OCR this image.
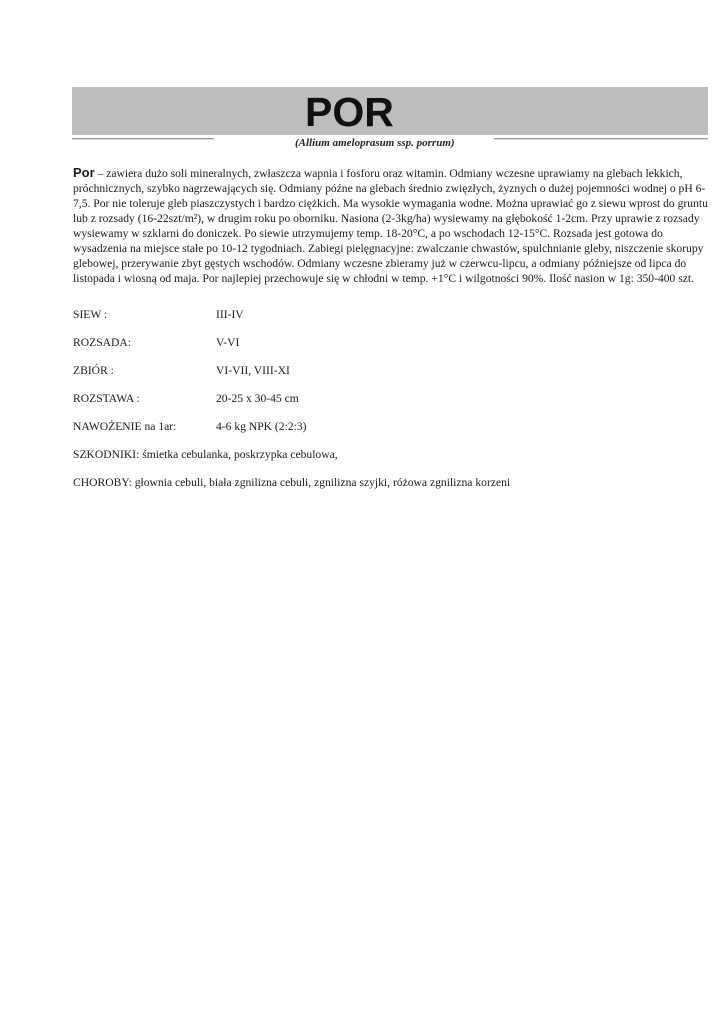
POR
(Allium ameloprasum ssp. porrum)

Por – zawiera dużo soli mineralnych, zwłaszcza wapnia i fosforu oraz witamin. Odmiany wczesne uprawiamy na glebach lekkich, próchnicznych, szybko nagrzewających się. Odmiany późne na glebach średnio zwięzłych, żyznych o dużej pojemności wodnej o pH 6-7,5. Por nie toleruje gleb piaszczystych i bardzo ciężkich. Ma wysokie wymagania wodne. Można uprawiać go z siewu wprost do gruntu lub z rozsady (16-22szt/m²), w drugim roku po oborniku. Nasiona (2-3kg/ha) wysiewamy na głębokość 1-2cm. Przy uprawie z rozsady wysiewamy w szklarni do doniczek. Po siewie utrzymujemy temp. 18-20°C, a po wschodach 12-15°C. Rozsada jest gotowa do wysadzenia na miejsce stałe po 10-12 tygodniach. Zabiegi pielęgnacyjne: zwalczanie chwastów, spulchnianie gleby, niszczenie skorupy glebowej, przerywanie zbyt gęstych wschodów. Odmiany wczesne zbieramy już w czerwcu-lipcu, a odmiany późniejsze od lipca do listopada i wiosną od maja. Por najlepiej przechowuje się w chłodni w temp. +1°C i wilgotności 90%. Ilość nasion w 1g: 350-400 szt.

SIEW :	III-IV
ROZSADA:	V-VI
ZBIÓR :	VI-VII, VIII-XI
ROZSTAWA :	20-25 x 30-45 cm
NAWOŻENIE na 1ar:	4-6 kg NPK (2:2:3)
SZKODNIKI: śmietka cebulanka, poskrzypka cebulowa,
CHOROBY: głownia cebuli, biała zgnilizna cebuli, zgnilizna szyjki, różowa zgnilizna korzeni
